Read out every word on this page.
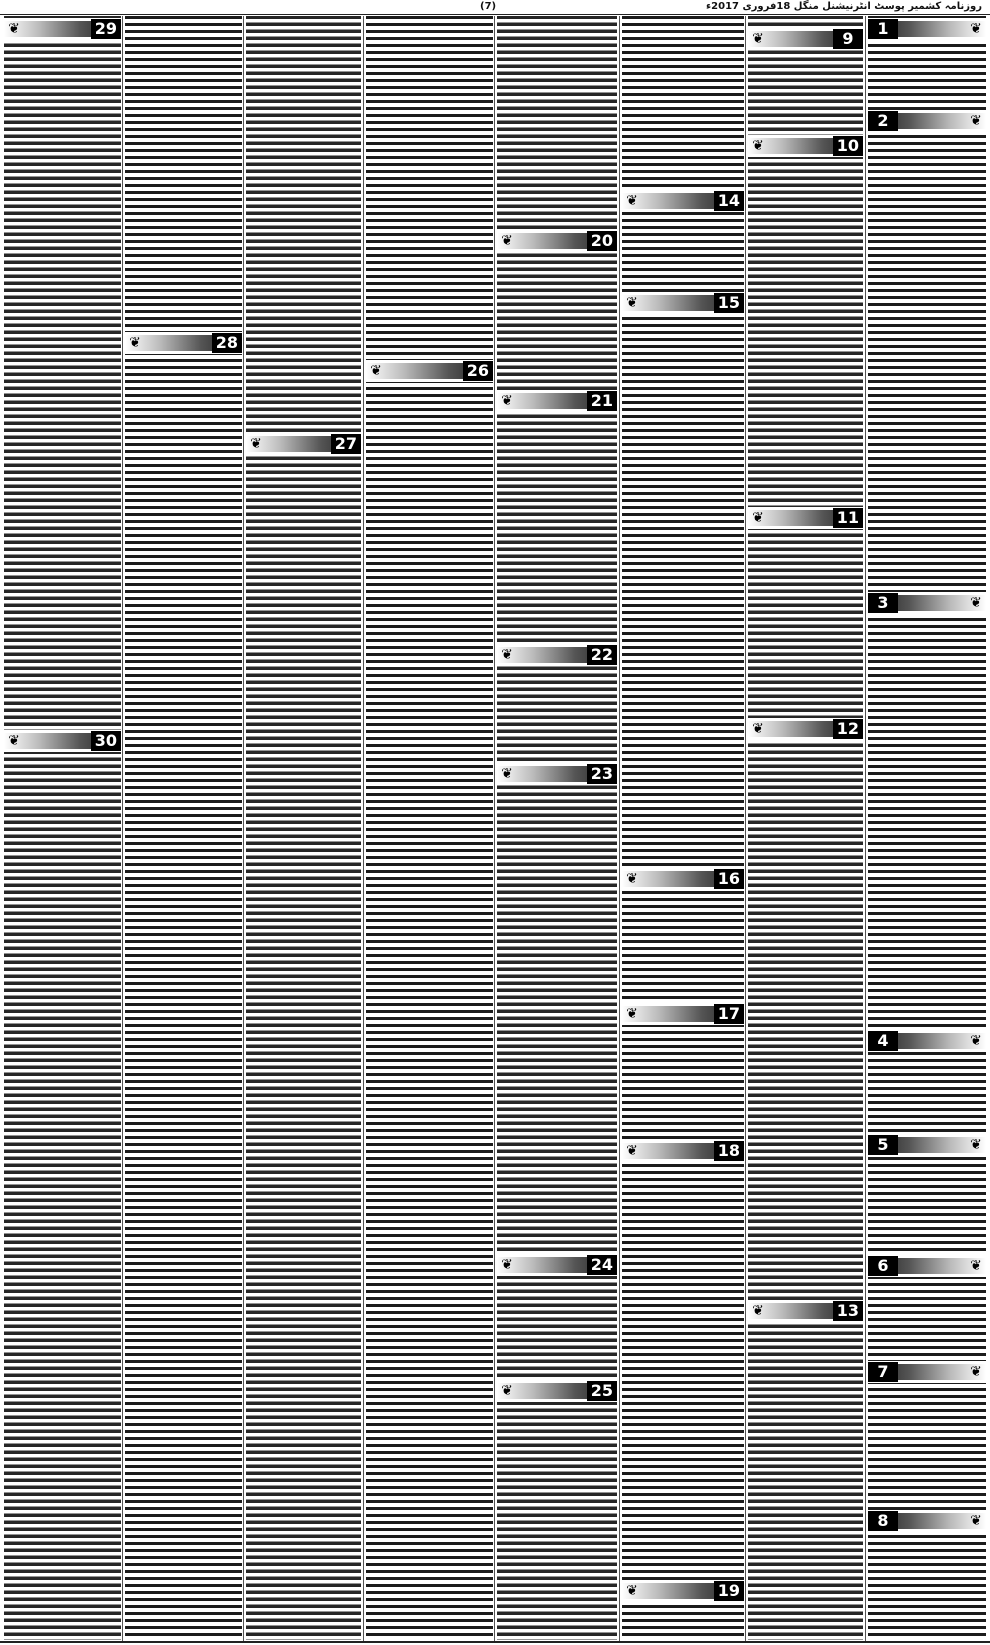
روزنامہ کشمیر پوسٹ انٹرنیشنل منگل 18فروری 2017ء
(7)
1	❦
2	❦
3	❦
4	❦
5	❦
6	❦
7	❦
8	❦
9
❦
10
❦
11
❦
12
❦
13
❦
14
❦
15
❦
16
❦
17
❦
18
❦
19
❦
20
❦
21
❦
22
❦
23
❦
24
❦
25
❦
26
❦
27
❦
28
❦
29
❦
30
❦
